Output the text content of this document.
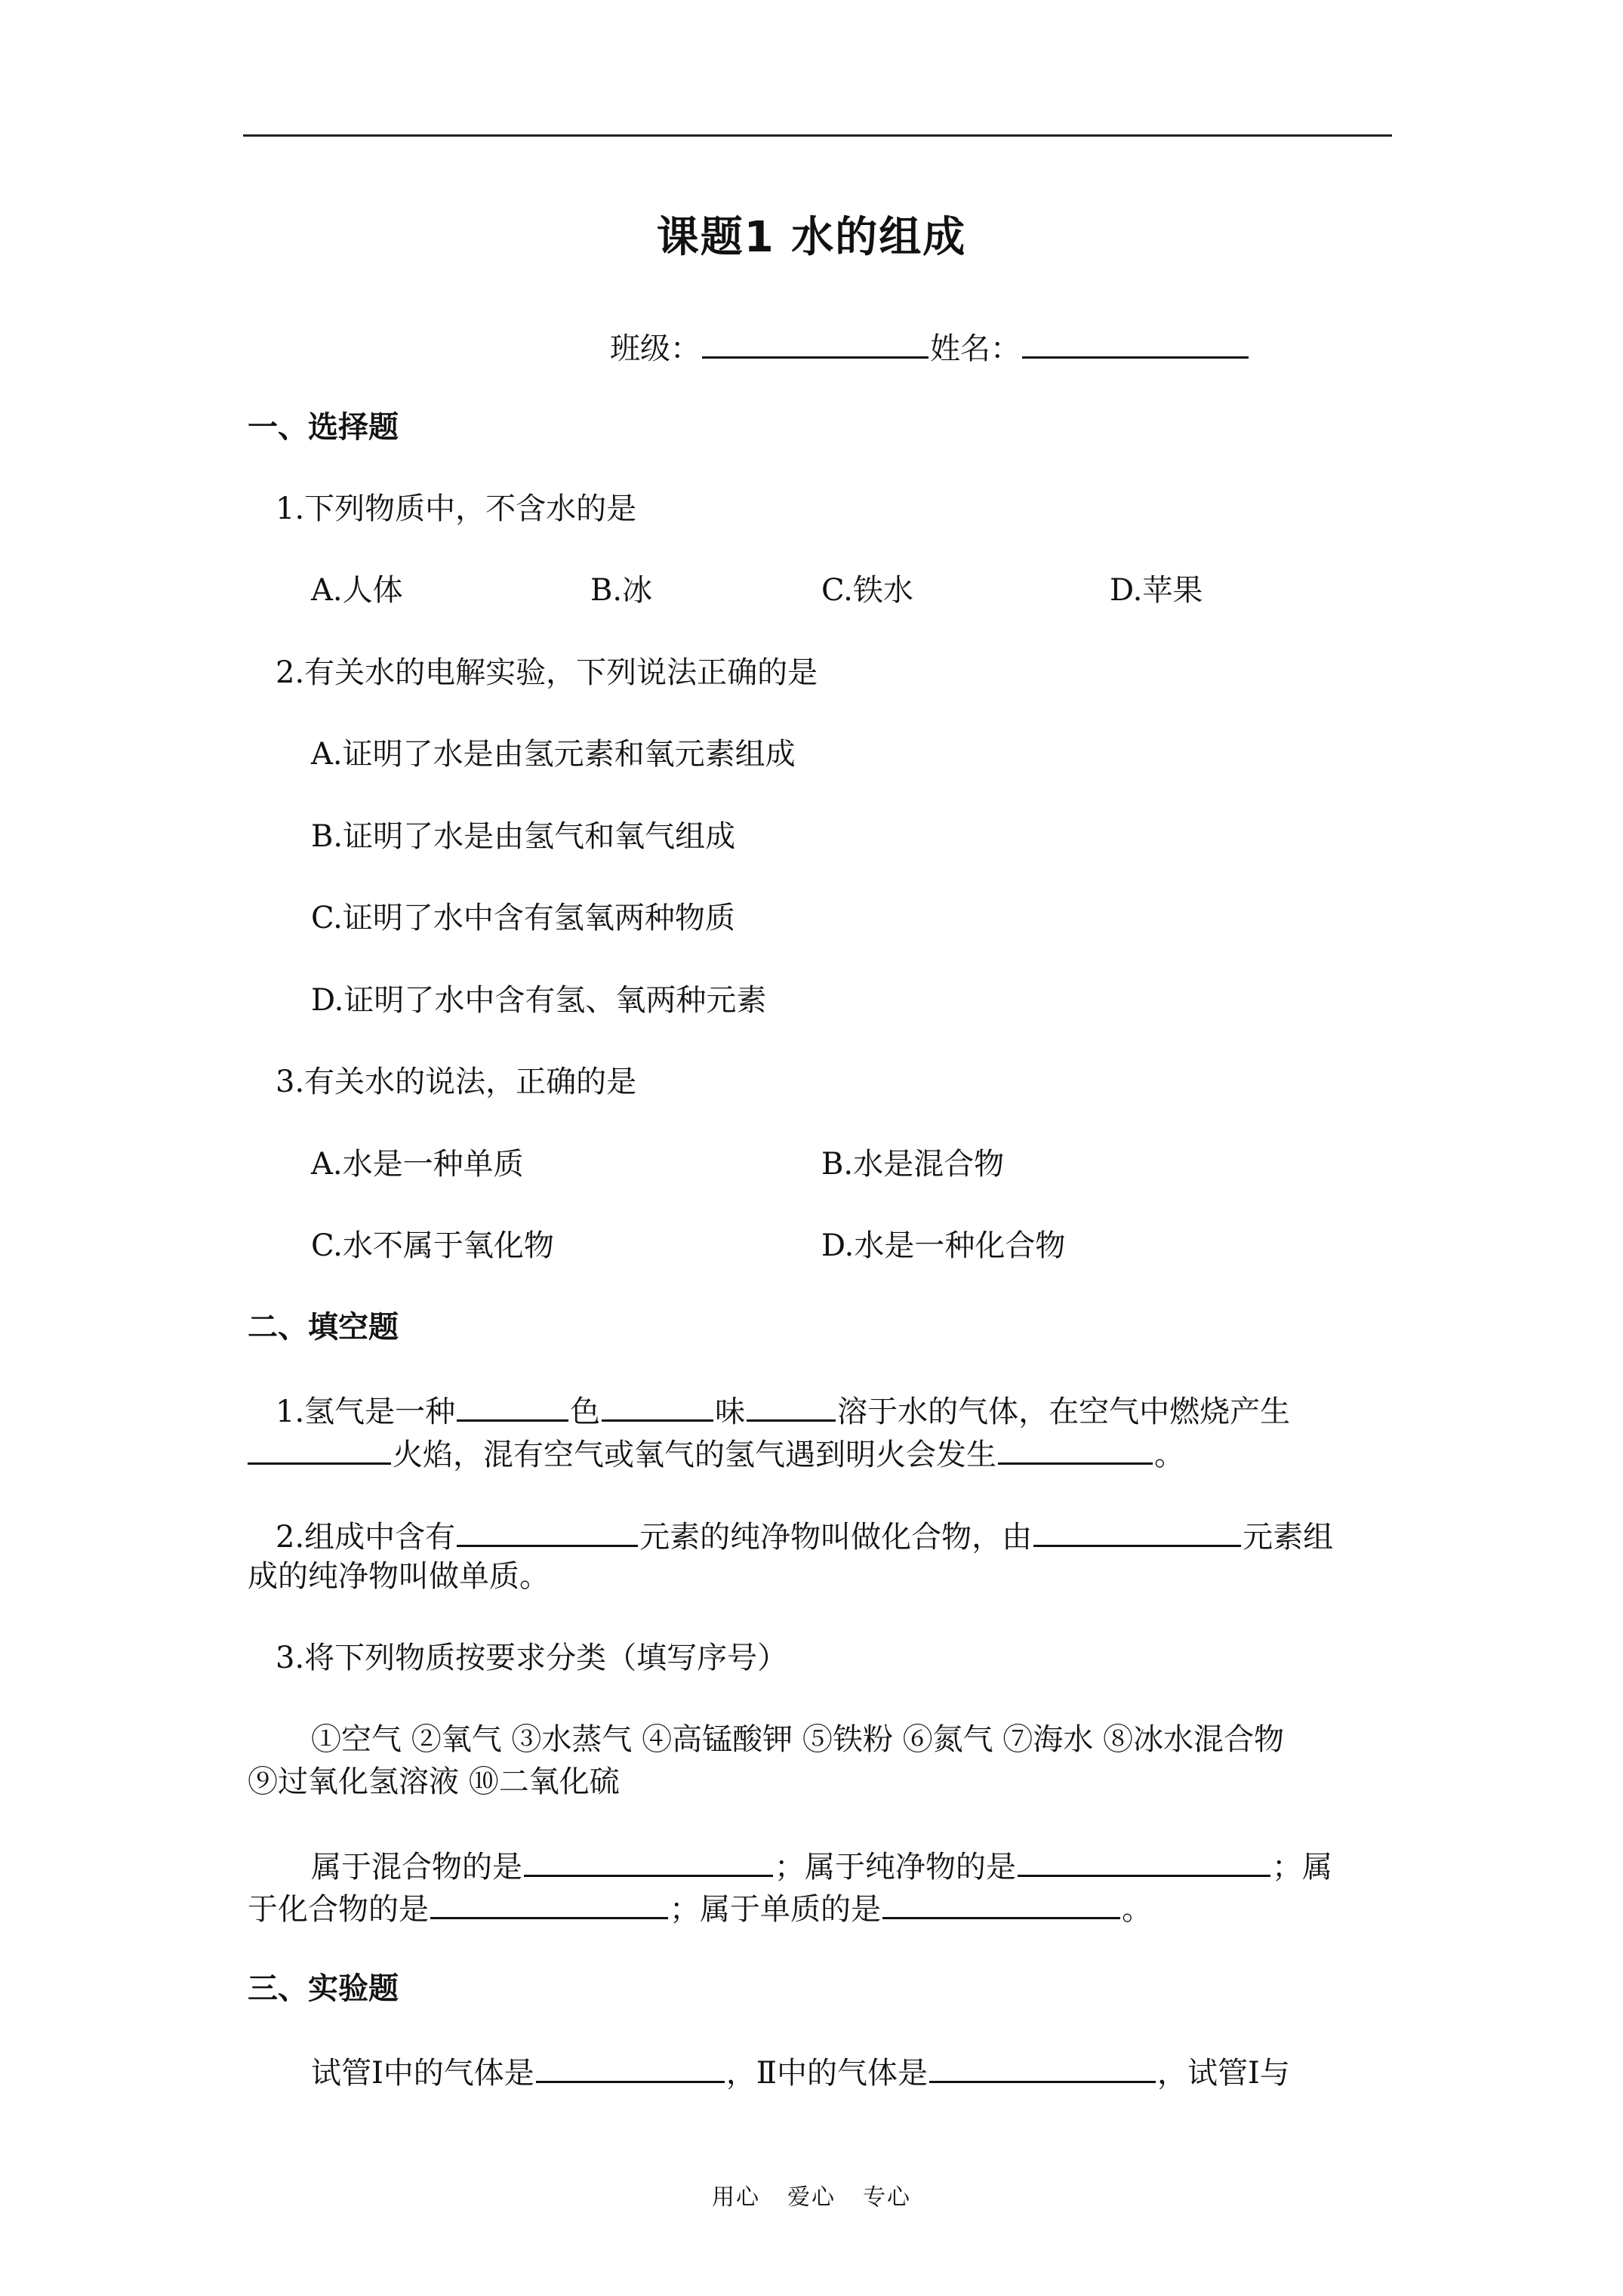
课题1 水的组成
班级：	姓名：
一、选择题
1.下列物质中，不含水的是
A.人体	B.冰	C.铁水	D.苹果
2.有关水的电解实验，下列说法正确的是
A.证明了水是由氢元素和氧元素组成
B.证明了水是由氢气和氧气组成
C.证明了水中含有氢氧两种物质
D.证明了水中含有氢、氧两种元素
3.有关水的说法，正确的是
A.水是一种单质	B.水是混合物
C.水不属于氧化物	D.水是一种化合物
二、填空题
1.氢气是一种	色	味	溶于水的气体，在空气中燃烧产生
火焰，混有空气或氧气的氢气遇到明火会发生	。
2.组成中含有	元素的纯净物叫做化合物，由	元素组
成的纯净物叫做单质。
3.将下列物质按要求分类（填写序号）
①空气 ②氧气 ③水蒸气 ④高锰酸钾 ⑤铁粉 ⑥氮气 ⑦海水 ⑧冰水混合物
⑨过氧化氢溶液 ⑩二氧化硫
属于混合物的是	；属于纯净物的是	；属
于化合物的是	；属于单质的是	。
三、实验题
试管Ⅰ中的气体是	，Ⅱ中的气体是	，试管Ⅰ与
用心 爱心 专心
